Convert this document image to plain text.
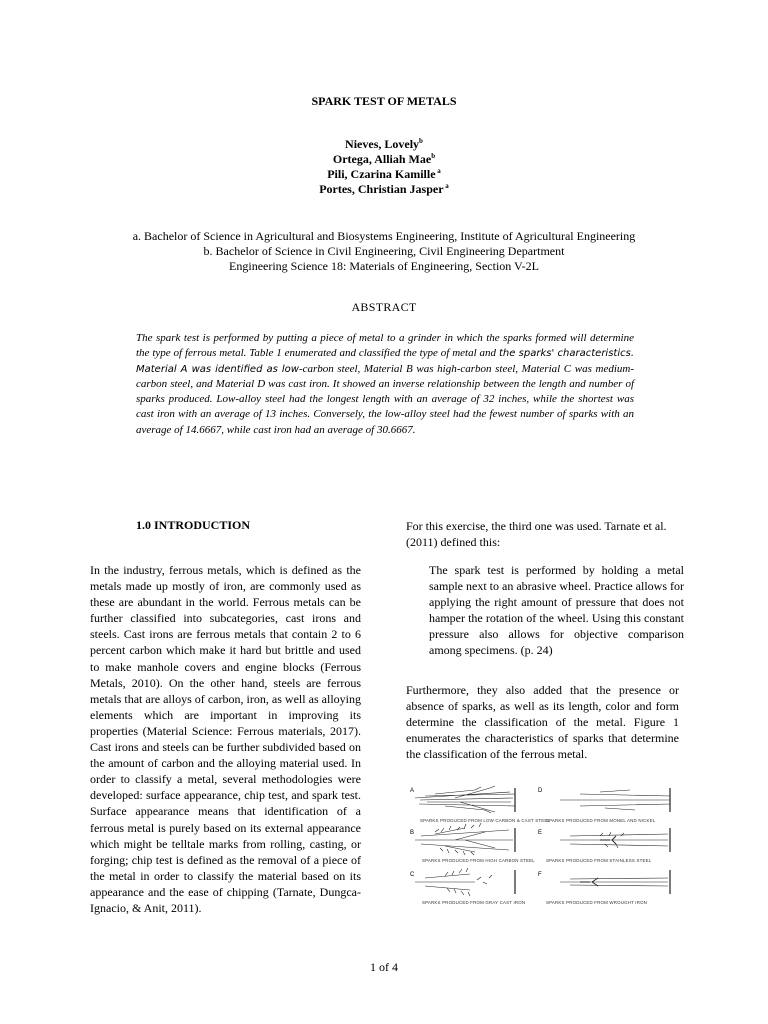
SPARK TEST OF METALS
Nieves, Lovely$^b$
Ortega, Alliah Mae$^b$
Pili, Czarina Kamille $^a$
Portes, Christian Jasper $^a$
a. Bachelor of Science in Agricultural and Biosystems Engineering, Institute of Agricultural Engineering
b. Bachelor of Science in Civil Engineering, Civil Engineering Department
Engineering Science 18: Materials of Engineering, Section V-2L
ABSTRACT
The spark test is performed by putting a piece of metal to a grinder in which the sparks formed will determine the type of ferrous metal. Table 1 enumerated and classified the type of metal and the sparks' characteristics. Material A was identified as low-carbon steel, Material B was high-carbon steel, Material C was medium-carbon steel, and Material D was cast iron. It showed an inverse relationship between the length and number of sparks produced. Low-alloy steel had the longest length with an average of 32 inches, while the shortest was cast iron with an average of 13 inches. Conversely, the low-alloy steel had the fewest number of sparks with an average of 14.6667, while cast iron had an average of 30.6667.
1.0 INTRODUCTION
In the industry, ferrous metals, which is defined as the metals made up mostly of iron, are commonly used as these are abundant in the world. Ferrous metals can be further classified into subcategories, cast irons and steels. Cast irons are ferrous metals that contain 2 to 6 percent carbon which make it hard but brittle and used to make manhole covers and engine blocks (Ferrous Metals, 2010). On the other hand, steels are ferrous metals that are alloys of carbon, iron, as well as alloying elements which are important in improving its properties (Material Science: Ferrous materials, 2017). Cast irons and steels can be further subdivided based on the amount of carbon and the alloying material used. In order to classify a metal, several methodologies were developed: surface appearance, chip test, and spark test. Surface appearance means that identification of a ferrous metal is purely based on its external appearance which might be telltale marks from rolling, casting, or forging; chip test is defined as the removal of a piece of the metal in order to classify the material based on its appearance and the ease of chipping (Tarnate, Dungca-Ignacio, & Anit, 2011).
For this exercise, the third one was used. Tarnate et al. (2011) defined this:
The spark test is performed by holding a metal sample next to an abrasive wheel. Practice allows for applying the right amount of pressure that does not hamper the rotation of the wheel. Using this constant pressure also allows for objective comparison among specimens. (p. 24)
Furthermore, they also added that the presence or absence of sparks, as well as its length, color and form determine the classification of the metal. Figure 1 enumerates the characteristics of sparks that determine the classification of the ferrous metal.
A
B
C
D
E
F
SPARKS PRODUCED FROM LOW CARBON & CAST STEEL
SPARKS PRODUCED FROM HIGH CARBON STEEL
SPARKS PRODUCED FROM GRAY CAST IRON
SPARKS PRODUCED FROM MONEL AND NICKEL
SPARKS PRODUCED FROM STAINLESS STEEL
SPARKS PRODUCED FROM WROUGHT IRON
1 of 4
